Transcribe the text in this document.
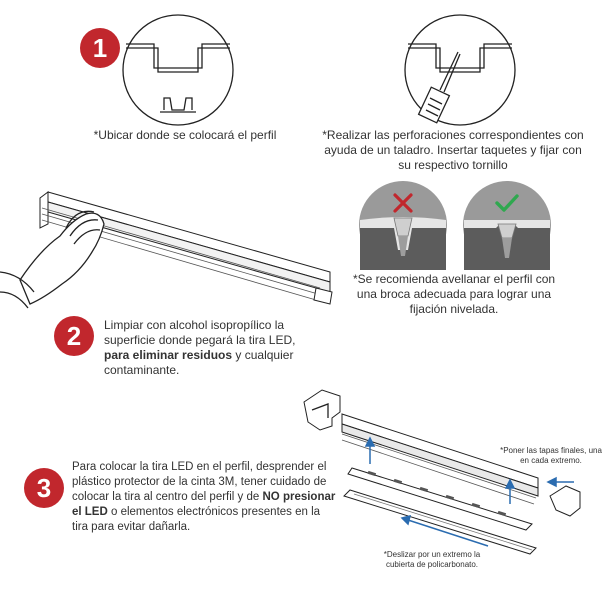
1
*Ubicar donde se colocará el perfil	*Realizar las perforaciones correspondientes con ayuda de un taladro. Insertar taquetes y fijar con su respectivo tornillo
*Se recomienda avellanar el perfil con una broca adecuada para lograr una fijación nivelada.
2 Limpiar con alcohol isopropílico la superficie donde pegará la tira LED, para eliminar residuos y cualquier contaminante.
*Poner las tapas finales, una en cada extremo.
*Deslizar por un extremo la cubierta de policarbonato.
3
Para colocar la tira LED en el perfil, desprender el plástico protector de la cinta 3M, tener cuidado de colocar la tira al centro del perfil y de NO presionar el LED o elementos electrónicos presentes en la tira para evitar dañarla.
